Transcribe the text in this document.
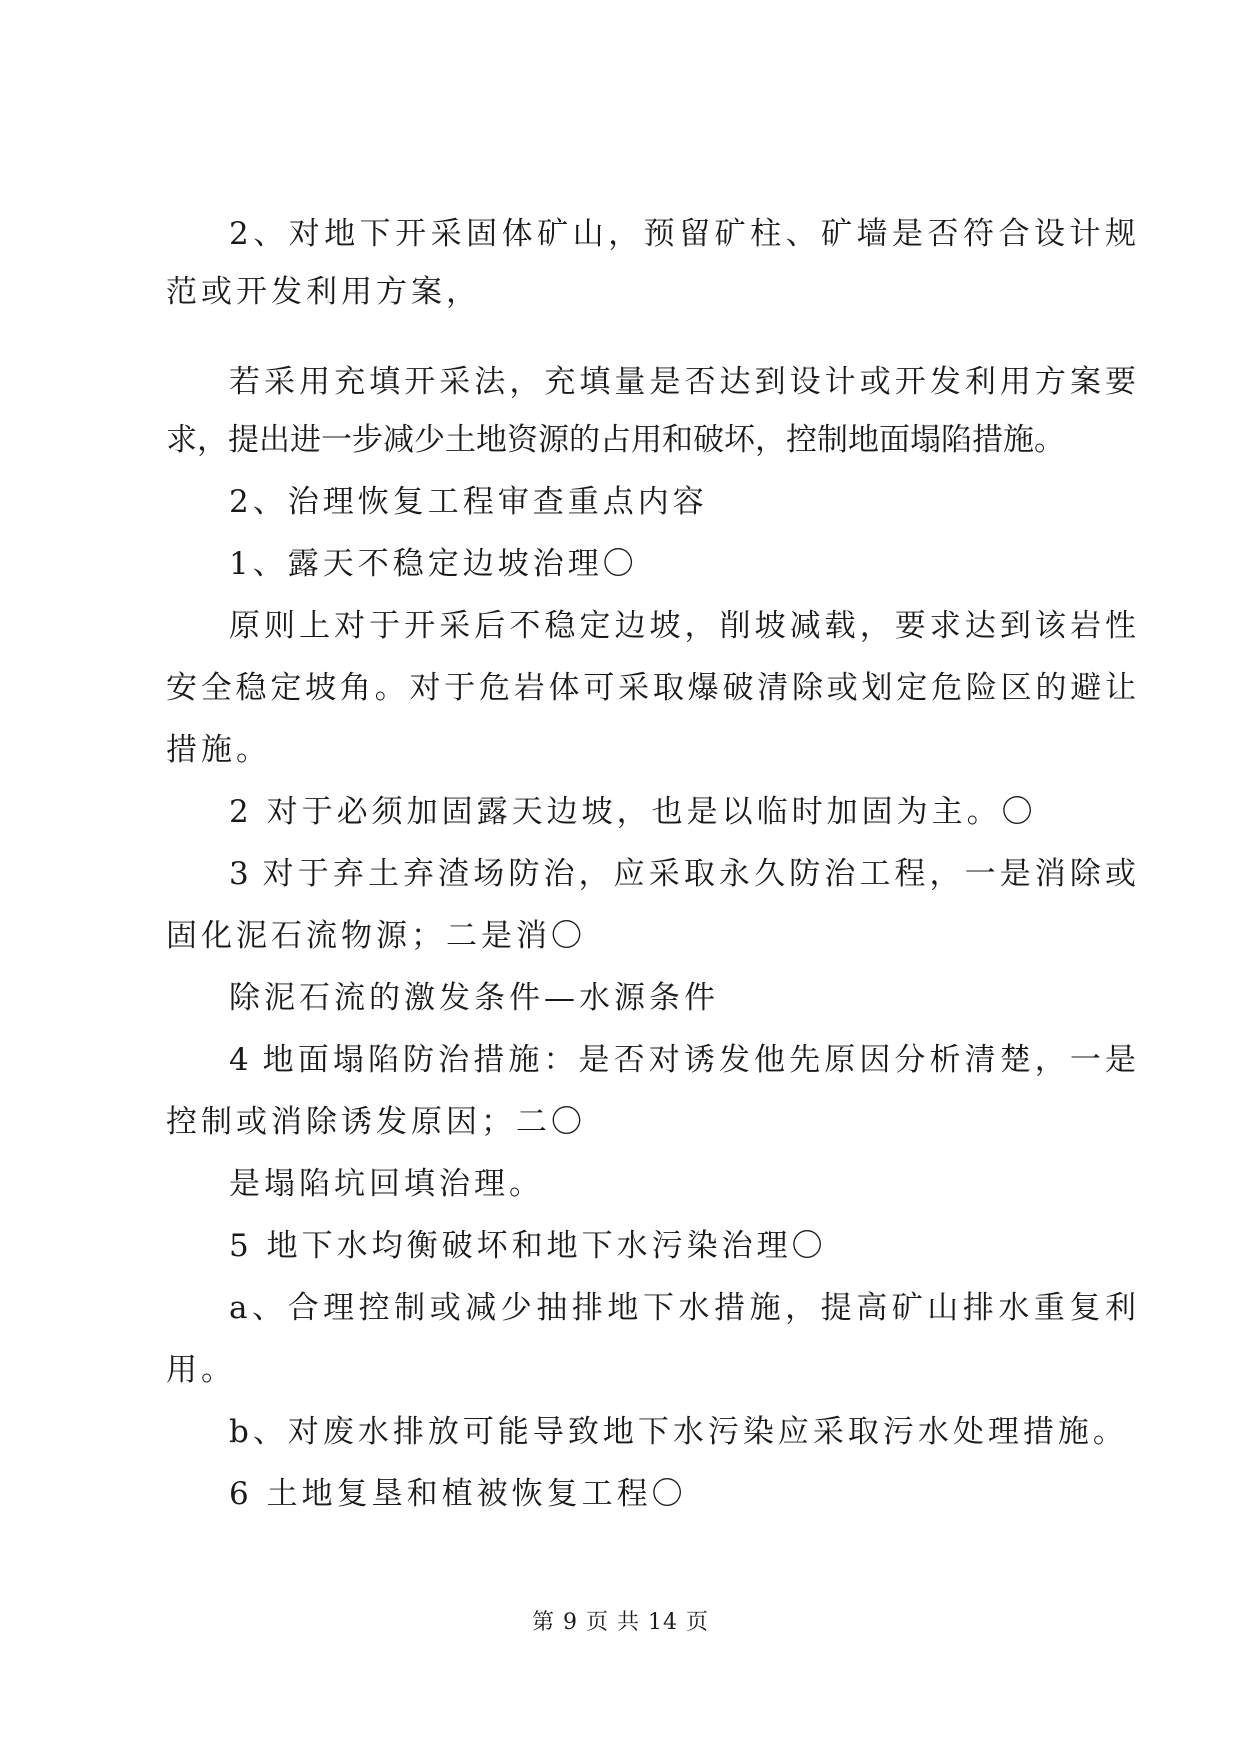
2、对地下开采固体矿山，预留矿柱、矿墙是否符合设计规
范或开发利用方案，
若采用充填开采法，充填量是否达到设计或开发利用方案要
求，提出进一步减少土地资源的占用和破坏，控制地面塌陷措施。
2、治理恢复工程审查重点内容
1、露天不稳定边坡治理〇
原则上对于开采后不稳定边坡，削坡减载，要求达到该岩性
安全稳定坡角。对于危岩体可采取爆破清除或划定危险区的避让
措施。
2 对于必须加固露天边坡，也是以临时加固为主。〇
3 对于弃土弃渣场防治，应采取永久防治工程，一是消除或
固化泥石流物源；二是消〇
除泥石流的激发条件—水源条件
4 地面塌陷防治措施：是否对诱发他先原因分析清楚，一是
控制或消除诱发原因；二〇
是塌陷坑回填治理。
5 地下水均衡破坏和地下水污染治理〇
a、合理控制或减少抽排地下水措施，提高矿山排水重复利
用。
b、对废水排放可能导致地下水污染应采取污水处理措施。
6 土地复垦和植被恢复工程〇
第 9 页 共 14 页
